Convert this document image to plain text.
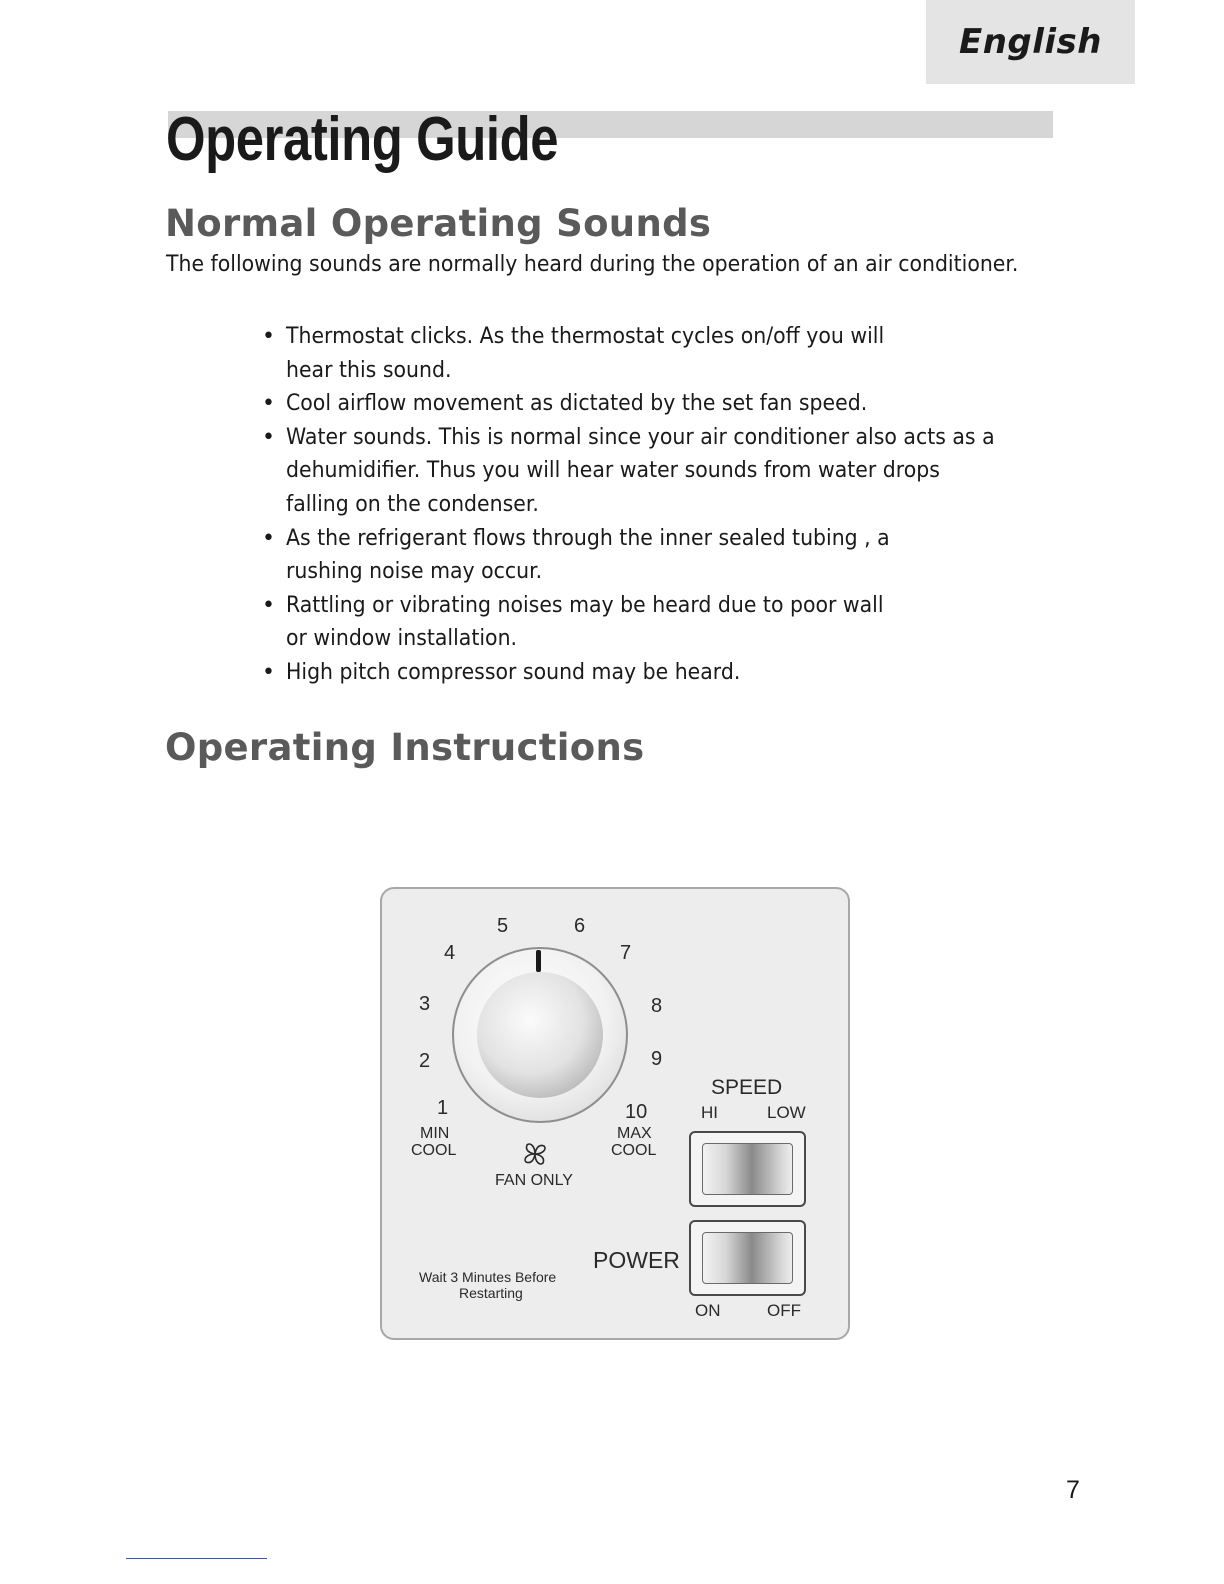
English
Operating Guide
Normal Operating Sounds

The following sounds are normally heard during the operation of an air conditioner.

• Thermostat clicks. As the thermostat cycles on/off you will
hear this sound.
• Cool airflow movement as dictated by the set fan speed.
• Water sounds. This is normal since your air conditioner also acts as a
dehumidifier. Thus you will hear water sounds from water drops
falling on the condenser.
• As the refrigerant flows through the inner sealed tubing , a
rushing noise may occur.
• Rattling or vibrating noises may be heard due to poor wall
or window installation.
• High pitch compressor sound may be heard.
Operating Instructions
1
2
3
4
5	6
7
8
9
10
MIN
COOL
MAX
COOL
FAN ONLY
SPEED
HI	LOW
POWER
ON	OFF
Wait 3 Minutes Before
Restarting

7
